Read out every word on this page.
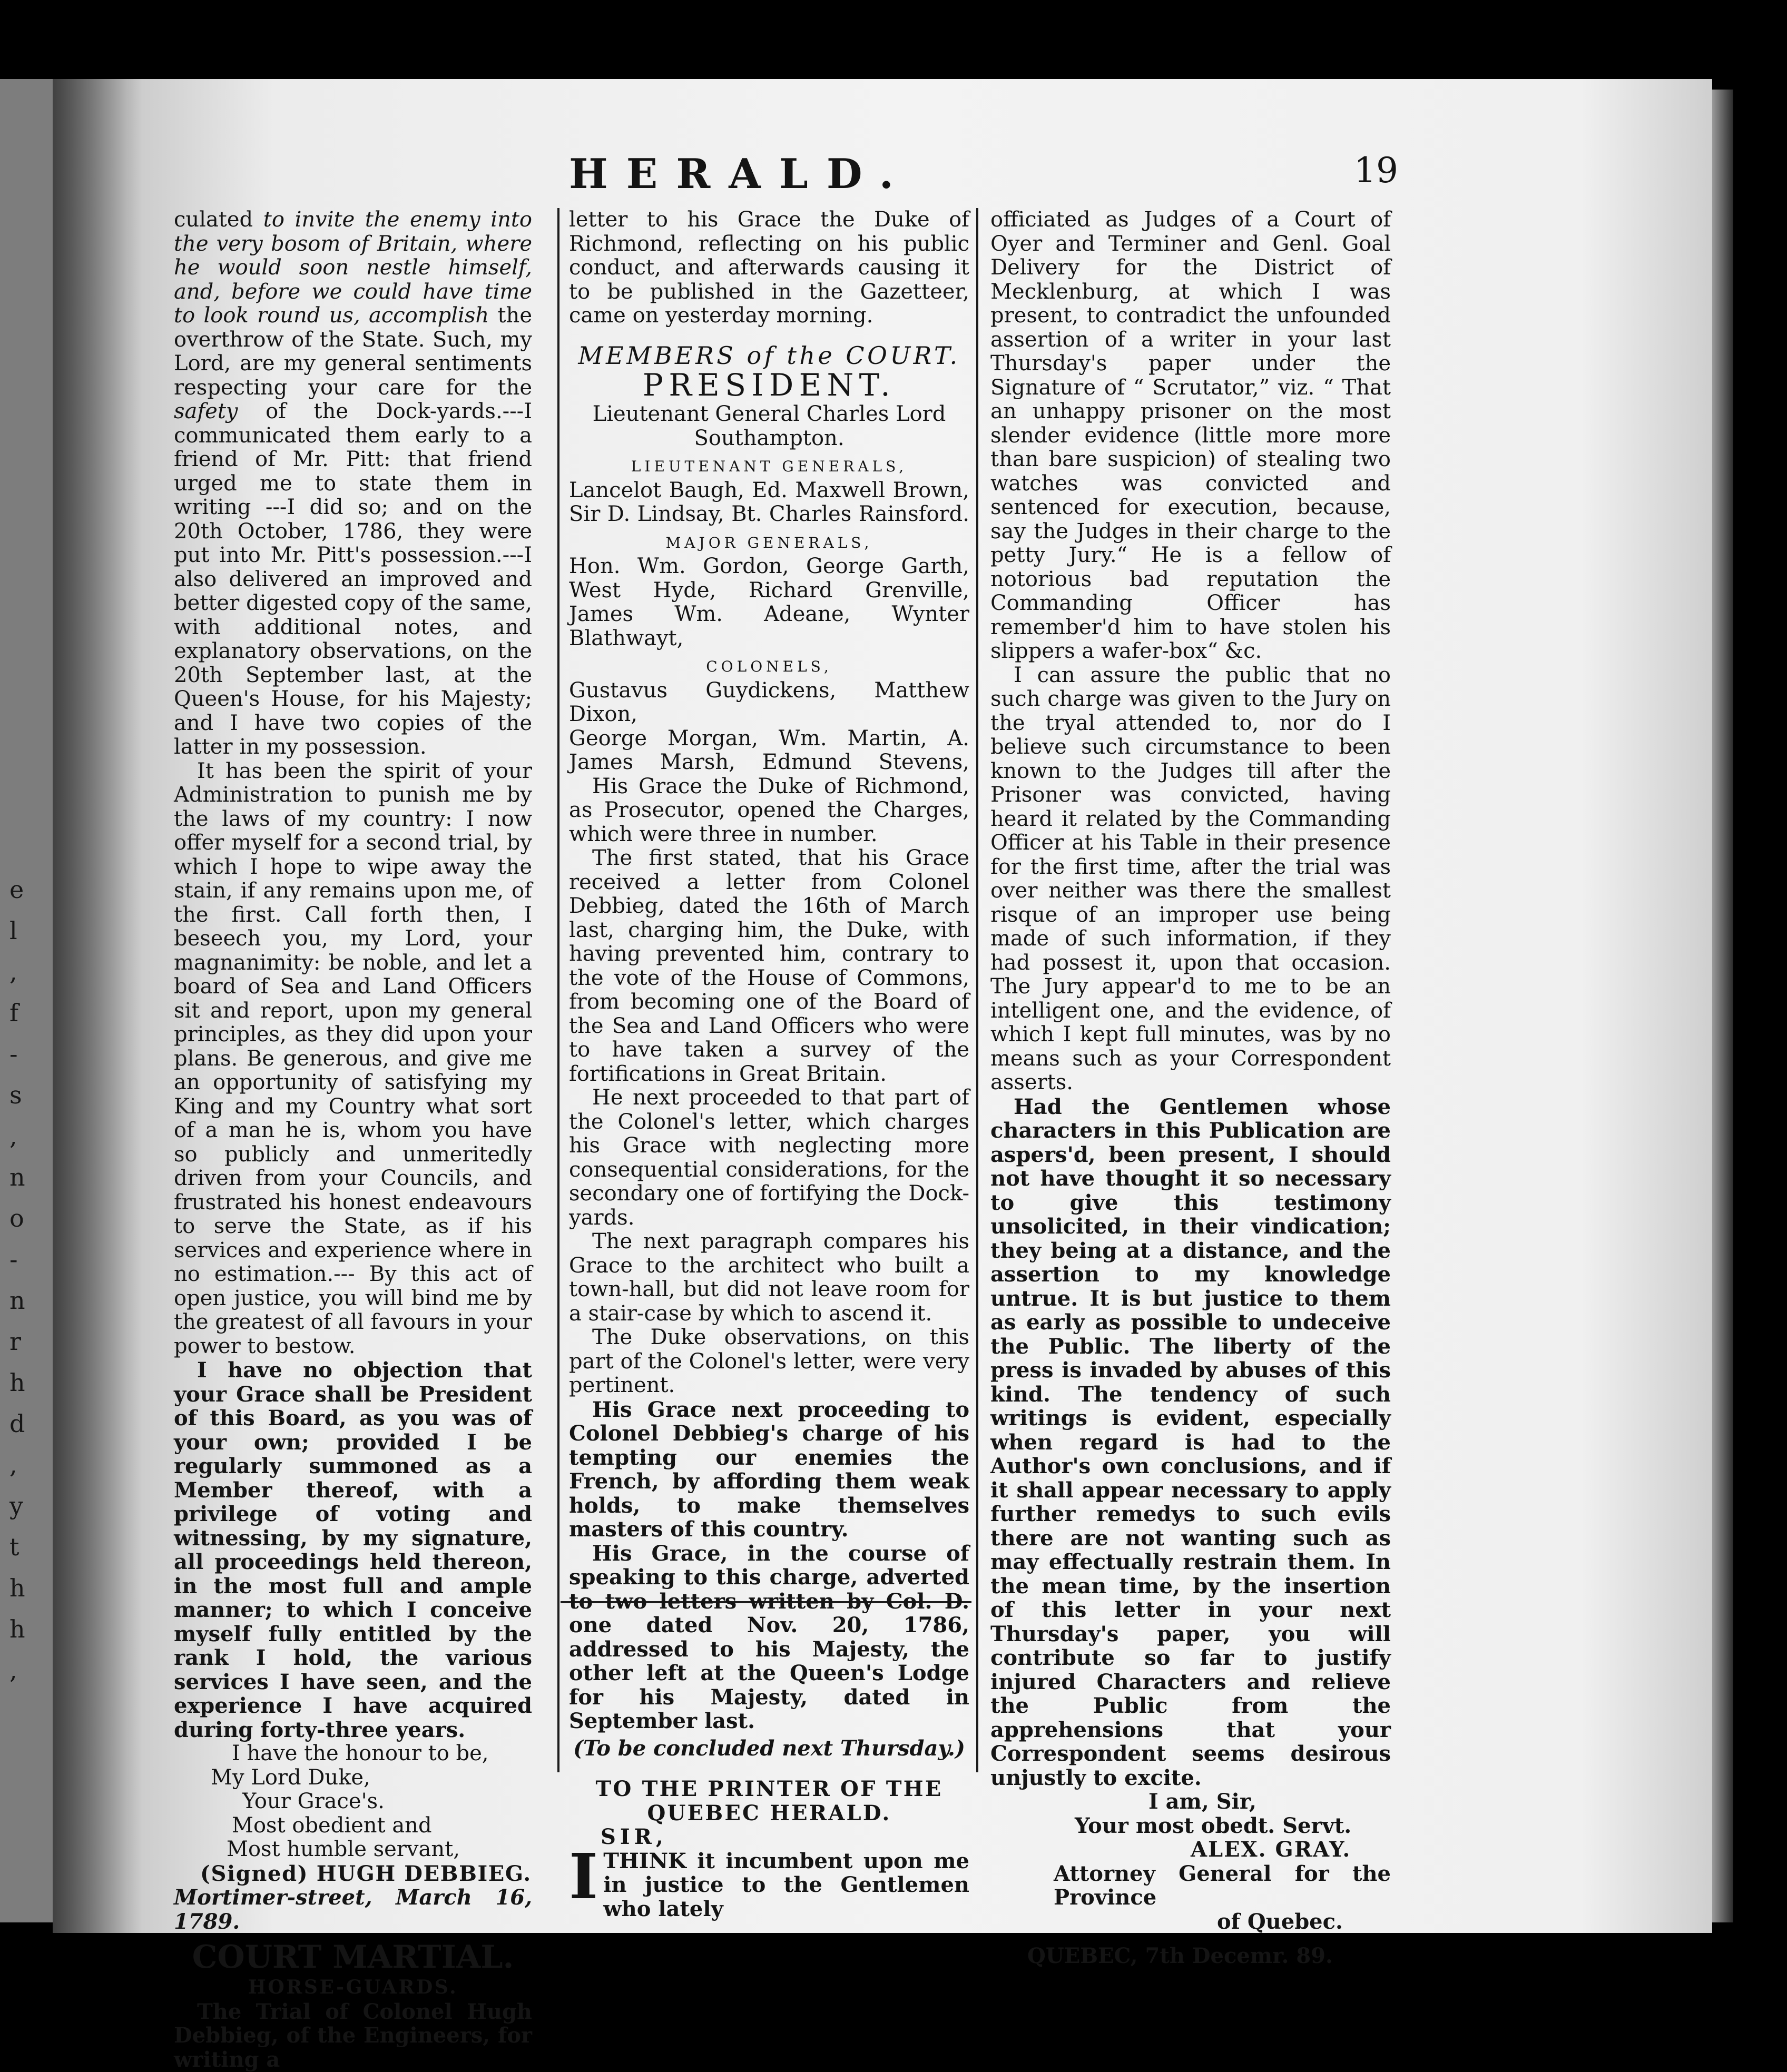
e
l
,
f
-
s
,
n
o
-
n
r
h
d
,
y
t
h
h
,
HERALD.	19

culated to invite the enemy into the very bosom of Britain, where he would soon nestle himself, and, before we could have time to look round us, accomplish the overthrow of the State. Such, my Lord, are my general sentiments respecting your care for the safety of the Dock-yards.---I communicated them early to a friend of Mr. Pitt: that friend urged me to state them in writing ---I did so; and on the 20th October, 1786, they were put into Mr. Pitt's possession.---I also delivered an improved and better digested copy of the same, with additional notes, and explanatory observations, on the 20th September last, at the Queen's House, for his Majesty; and I have two copies of the latter in my possession.

It has been the spirit of your Administration to punish me by the laws of my country: I now offer myself for a second trial, by which I hope to wipe away the stain, if any remains upon me, of the first. Call forth then, I beseech you, my Lord, your magnanimity: be noble, and let a board of Sea and Land Officers sit and report, upon my general principles, as they did upon your plans. Be generous, and give me an opportunity of satisfying my King and my Country what sort of a man he is, whom you have so publicly and unmeritedly driven from your Councils, and frustrated his honest endeavours to serve the State, as if his services and experience where in no estimation.--- By this act of open justice, you will bind me by the greatest of all favours in your power to bestow.

I have no objection that your Grace shall be President of this Board, as you was of your own; provided I be regularly summoned as a Member thereof, with a privilege of voting and witnessing, by my signature, all proceedings held thereon, in the most full and ample manner; to which I conceive myself fully entitled by the rank I hold, the various services I have seen, and the experience I have acquired during forty-three years.

I have the honour to be,

My Lord Duke,

Your Grace's.

Most obedient and

Most humble servant,

(Signed) HUGH DEBBIEG.

Mortimer-street, March 16, 1789.

COURT MARTIAL.
HORSE-GUARDS.

The Trial of Colonel Hugh Debbieg, of the Engineers, for writing a

letter to his Grace the Duke of Richmond, reflecting on his public conduct, and afterwards causing it to be published in the Gazetteer, came on yesterday morning.

MEMBERS of the COURT.
PRESIDENT.

Lieutenant General Charles Lord Southampton.

LIEUTENANT GENERALS,

Lancelot Baugh, Ed. Maxwell Brown,

Sir D. Lindsay, Bt. Charles Rainsford.

MAJOR GENERALS,

Hon. Wm. Gordon, George Garth,

West Hyde, Richard Grenville,

James Wm. Adeane, Wynter Blathwayt,

COLONELS,

Gustavus Guydickens, Matthew Dixon,

George Morgan, Wm. Martin, A.

James Marsh, Edmund Stevens,

His Grace the Duke of Richmond, as Prosecutor, opened the Charges, which were three in number.

The first stated, that his Grace received a letter from Colonel Debbieg, dated the 16th of March last, charging him, the Duke, with having prevented him, contrary to the vote of the House of Commons, from becoming one of the Board of the Sea and Land Officers who were to have taken a survey of the fortifications in Great Britain.

He next proceeded to that part of the Colonel's letter, which charges his Grace with neglecting more consequential considerations, for the secondary one of fortifying the Dock-yards.

The next paragraph compares his Grace to the architect who built a town-hall, but did not leave room for a stair-case by which to ascend it.

The Duke observations, on this part of the Colonel's letter, were very pertinent.

His Grace next proceeding to Colonel Debbieg's charge of his tempting our enemies the French, by affording them weak holds, to make themselves masters of this country.

His Grace, in the course of speaking to this charge, adverted to two letters written by Col. D. one dated Nov. 20, 1786, addressed to his Majesty, the other left at the Queen's Lodge for his Majesty, dated in September last.

(To be concluded next Thursday.)

TO THE PRINTER OF THE QUEBEC HERALD.

SIR,

ITHINK it incumbent upon me in justice to the Gentlemen who lately

officiated as Judges of a Court of Oyer and Terminer and Genl. Goal Delivery for the District of Mecklenburg, at which I was present, to contradict the unfounded assertion of a writer in your last Thursday's paper under the Signature of “ Scrutator,” viz. “ That an unhappy prisoner on the most slender evidence (little more more than bare suspicion) of stealing two watches was convicted and sentenced for execution, because, say the Judges in their charge to the petty Jury.“ He is a fellow of notorious bad reputation the Commanding Officer has remember'd him to have stolen his slippers a wafer-box“ &c.

I can assure the public that no such charge was given to the Jury on the tryal attended to, nor do I believe such circumstance to been known to the Judges till after the Prisoner was convicted, having heard it related by the Commanding Officer at his Table in their presence for the first time, after the trial was over neither was there the smallest risque of an improper use being made of such information, if they had possest it, upon that occasion. The Jury appear'd to me to be an intelligent one, and the evidence, of which I kept full minutes, was by no means such as your Correspondent asserts.

Had the Gentlemen whose characters in this Publication are aspers'd, been present, I should not have thought it so necessary to give this testimony unsolicited, in their vindication; they being at a distance, and the assertion to my knowledge untrue. It is but justice to them as early as possible to undeceive the Public. The liberty of the press is invaded by abuses of this kind. The tendency of such writings is evident, especially when regard is had to the Author's own conclusions, and if it shall appear necessary to apply further remedys to such evils there are not wanting such as may effectually restrain them. In the mean time, by the insertion of this letter in your next Thursday's paper, you will contribute so far to justify injured Characters and relieve the Public from the apprehensions that your Correspondent seems desirous unjustly to excite.

I am, Sir,

Your most obedt. Servt.

ALEX. GRAY.

Attorney General for the Province

of Quebec.

QUEBEC, 7th Decemr. 89.
